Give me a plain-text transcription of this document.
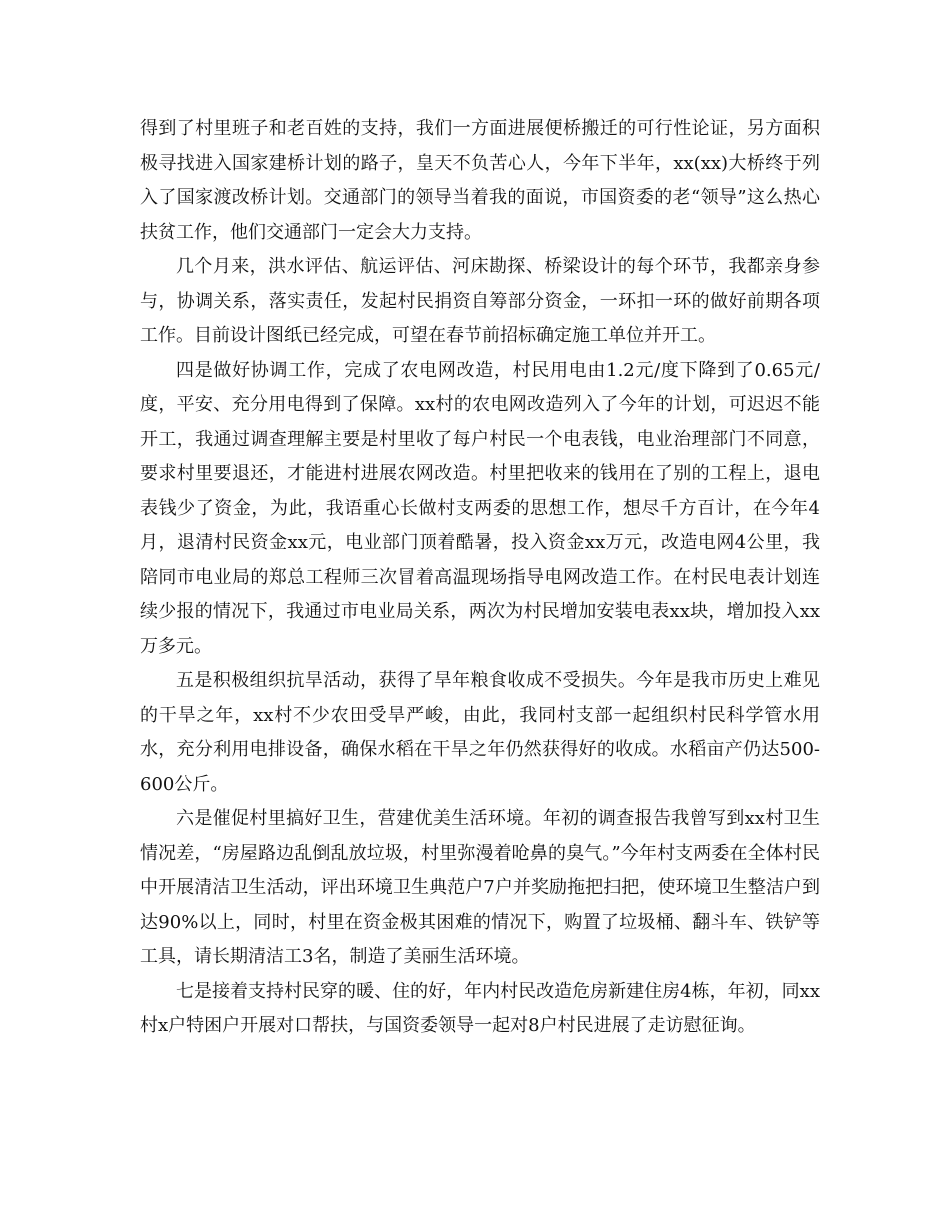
得到了村里班子和老百姓的支持，我们一方面进展便桥搬迁的可行性论证，另方面积极寻找进入国家建桥计划的路子，皇天不负苦心人，今年下半年，xx(xx)大桥终于列入了国家渡改桥计划。交通部门的领导当着我的面说，市国资委的老“领导”这么热心扶贫工作，他们交通部门一定会大力支持。

几个月来，洪水评估、航运评估、河床勘探、桥梁设计的每个环节，我都亲身参与，协调关系，落实责任，发起村民捐资自筹部分资金，一环扣一环的做好前期各项工作。目前设计图纸已经完成，可望在春节前招标确定施工单位并开工。

四是做好协调工作，完成了农电网改造，村民用电由1.2元/度下降到了0.65元/度，平安、充分用电得到了保障。xx村的农电网改造列入了今年的计划，可迟迟不能开工，我通过调查理解主要是村里收了每户村民一个电表钱，电业治理部门不同意，要求村里要退还，才能进村进展农网改造。村里把收来的钱用在了别的工程上，退电表钱少了资金，为此，我语重心长做村支两委的思想工作，想尽千方百计，在今年4月，退清村民资金xx元，电业部门顶着酷暑，投入资金xx万元，改造电网4公里，我陪同市电业局的郑总工程师三次冒着高温现场指导电网改造工作。在村民电表计划连续少报的情况下，我通过市电业局关系，两次为村民增加安装电表xx块，增加投入xx万多元。

五是积极组织抗旱活动，获得了旱年粮食收成不受损失。今年是我市历史上难见的干旱之年，xx村不少农田受旱严峻，由此，我同村支部一起组织村民科学管水用水，充分利用电排设备，确保水稻在干旱之年仍然获得好的收成。水稻亩产仍达500-600公斤。

六是催促村里搞好卫生，营建优美生活环境。年初的调查报告我曾写到xx村卫生情况差，“房屋路边乱倒乱放垃圾，村里弥漫着呛鼻的臭气。”今年村支两委在全体村民中开展清洁卫生活动，评出环境卫生典范户7户并奖励拖把扫把，使环境卫生整洁户到达90%以上，同时，村里在资金极其困难的情况下，购置了垃圾桶、翻斗车、铁铲等工具，请长期清洁工3名，制造了美丽生活环境。

七是接着支持村民穿的暖、住的好，年内村民改造危房新建住房4栋，年初，同xx村x户特困户开展对口帮扶，与国资委领导一起对8户村民进展了走访慰征询。
